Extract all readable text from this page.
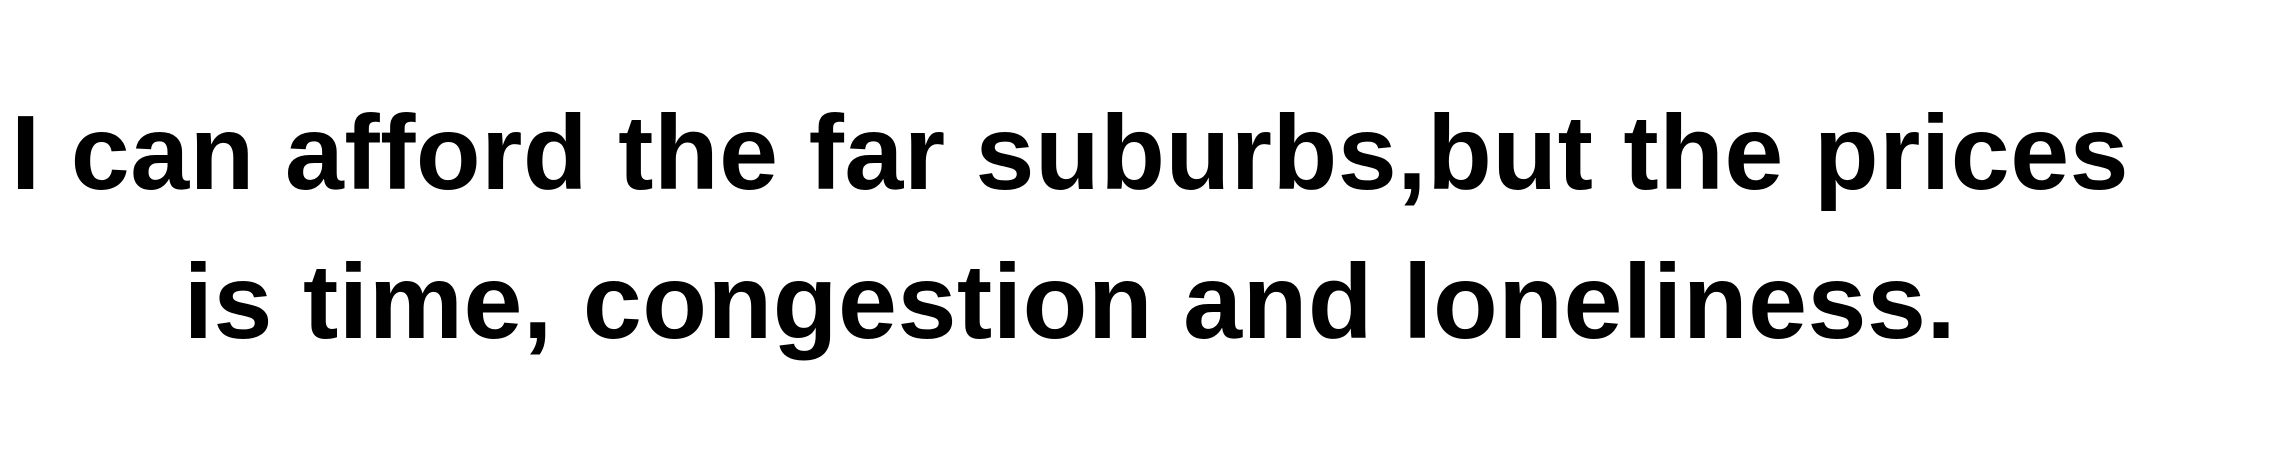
I can afford the far suburbs,but the prices
is time, congestion and loneliness.
